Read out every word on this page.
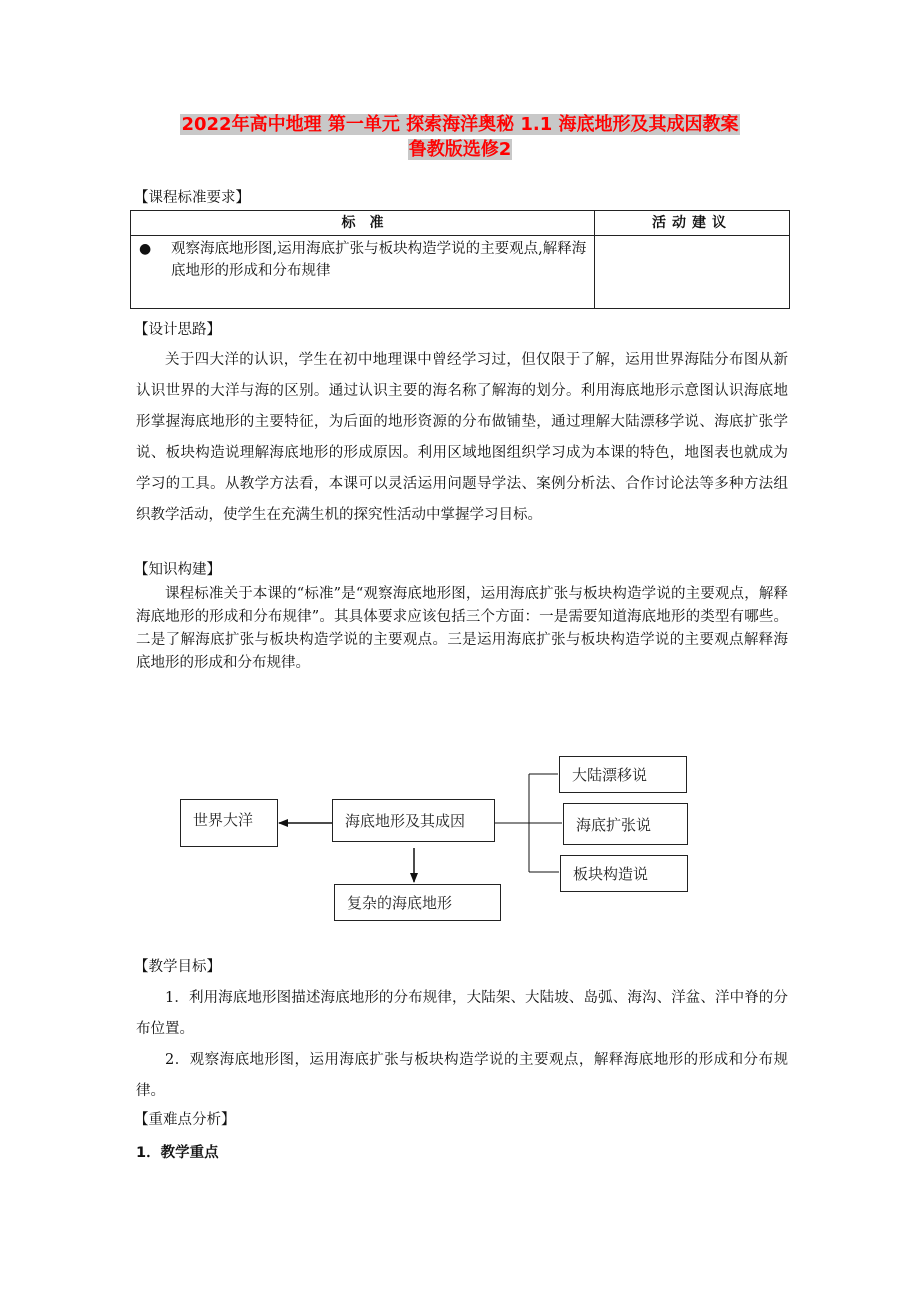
2022年高中地理 第一单元 探索海洋奥秘 1.1 海底地形及其成因教案
鲁教版选修2
【课程标准要求】
标　准	活动建议

● 观察海底地形图,运用海底扩张与板块构造学说的主要观点,解释海底地形的形成和分布规律	

【设计思路】
关于四大洋的认识，学生在初中地理课中曾经学习过，但仅限于了解，运用世界海陆分布图从新认识世界的大洋与海的区别。通过认识主要的海名称了解海的划分。利用海底地形示意图认识海底地形掌握海底地形的主要特征，为后面的地形资源的分布做铺垫，通过理解大陆漂移学说、海底扩张学说、板块构造说理解海底地形的形成原因。利用区域地图组织学习成为本课的特色，地图表也就成为学习的工具。从教学方法看，本课可以灵活运用问题导学法、案例分析法、合作讨论法等多种方法组织教学活动，使学生在充满生机的探究性活动中掌握学习目标。
【知识构建】
课程标准关于本课的“标准”是“观察海底地形图，运用海底扩张与板块构造学说的主要观点，解释海底地形的形成和分布规律”。其具体要求应该包括三个方面：一是需要知道海底地形的类型有哪些。二是了解海底扩张与板块构造学说的主要观点。三是运用海底扩张与板块构造学说的主要观点解释海底地形的形成和分布规律。
世界大洋	海底地形及其成因
复杂的海底地形
大陆漂移说
海底扩张说
板块构造说
【教学目标】
1．利用海底地形图描述海底地形的分布规律，大陆架、大陆坡、岛弧、海沟、洋盆、洋中脊的分布位置。
2．观察海底地形图，运用海底扩张与板块构造学说的主要观点，解释海底地形的形成和分布规律。
【重难点分析】
1．教学重点
